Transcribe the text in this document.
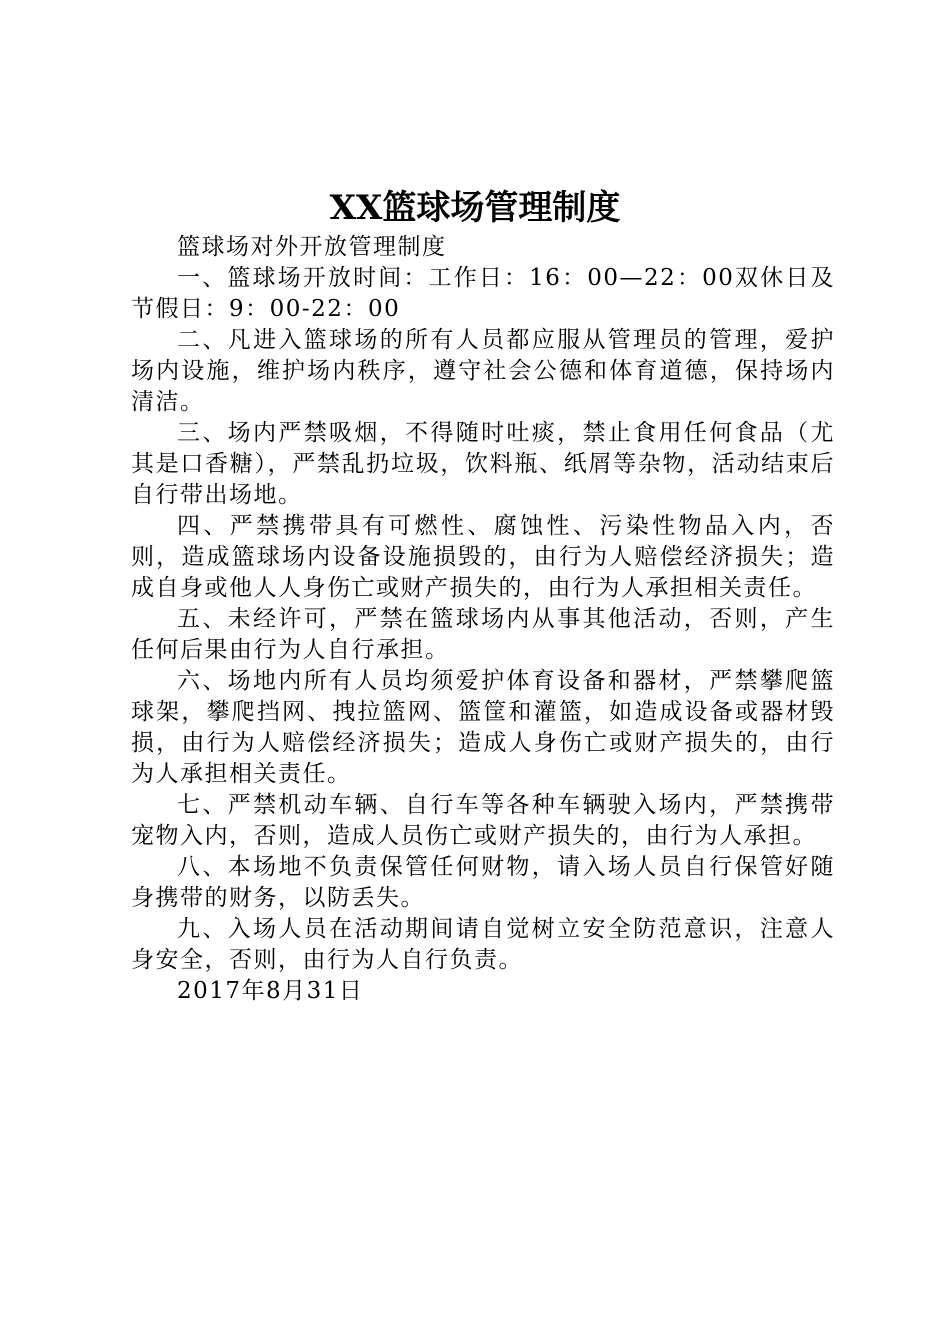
XX篮球场管理制度

篮球场对外开放管理制度

一、篮球场开放时间：工作日：16：00—22：00双休日及节假日：9：00-22：00

二、凡进入篮球场的所有人员都应服从管理员的管理，爱护场内设施，维护场内秩序，遵守社会公德和体育道德，保持场内清洁。

三、场内严禁吸烟，不得随时吐痰，禁止食用任何食品（尤其是口香糖），严禁乱扔垃圾，饮料瓶、纸屑等杂物，活动结束后自行带出场地。

四、严禁携带具有可燃性、腐蚀性、污染性物品入内，否则，造成篮球场内设备设施损毁的，由行为人赔偿经济损失；造成自身或他人人身伤亡或财产损失的，由行为人承担相关责任。

五、未经许可，严禁在篮球场内从事其他活动，否则，产生任何后果由行为人自行承担。

六、场地内所有人员均须爱护体育设备和器材，严禁攀爬篮球架，攀爬挡网、拽拉篮网、篮筐和灌篮，如造成设备或器材毁损，由行为人赔偿经济损失；造成人身伤亡或财产损失的，由行为人承担相关责任。

七、严禁机动车辆、自行车等各种车辆驶入场内，严禁携带宠物入内，否则，造成人员伤亡或财产损失的，由行为人承担。

八、本场地不负责保管任何财物，请入场人员自行保管好随身携带的财务，以防丢失。

九、入场人员在活动期间请自觉树立安全防范意识，注意人身安全，否则，由行为人自行负责。

2017年8月31日
